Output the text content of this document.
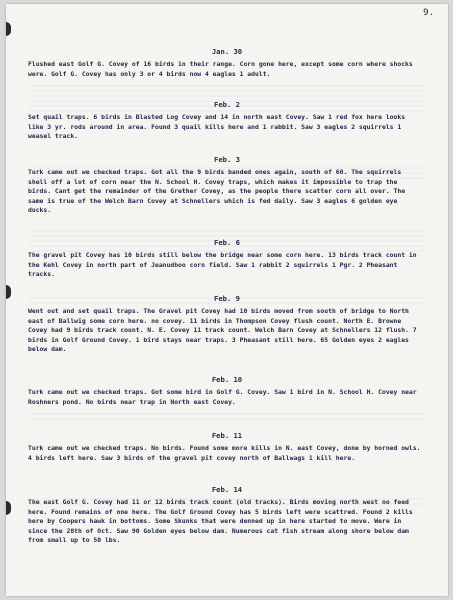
9.
Jan. 30
Flushed east Golf G. Covey of 16 birds in their range. Corn gone here, except some corn where shocks were. Golf G. Covey has only 3 or 4 birds now 4 eagles 1 adult.
Feb. 2
Set quail traps. 6 birds in Blasted Log Covey and 14 in north east Covey. Saw 1 red fox here looks like 3 yr. rods around in area. Found 3 quail kills here and 1 rabbit. Saw 3 eagles 2 squirrels 1 weasel track.
Feb. 3
Turk came out we checked traps. Got all the 9 birds banded ones again, south of 60. The squirrels shell off a lot of corn near the N. School H. Covey traps, which makes it impossible to trap the birds. Cant get the remainder of the Grether Covey, as the people there scatter corn all over. The same is true of the Welch Barn Covey at Schnellers which is fed daily. Saw 3 eagles 6 golden eye ducks.
Feb. 6
The gravel pit Covey has 10 birds still below the bridge near some corn here. 13 birds track count in the Kehl Covey in north part of Jeanudhoo corn field. Saw 1 rabbit 2 squirrels 1 Pgr. 2 Pheasant tracks.
Feb. 9
Went out and set quail traps. The Gravel pit Covey had 10 birds moved from south of bridge to North east of Ballwig some corn here. no covey. 11 birds in Thompson Covey flush count. North E. Browne Covey had 9 birds track count. N. E. Covey 11 track count. Welch Barn Covey at Schnellers 12 flush. 7 birds in Golf Ground Covey. 1 bird stays near traps. 3 Pheasant still here. 65 Golden eyes 2 eagles below dam.
Feb. 10
Turk came out we checked traps. Got some bird in Golf G. Covey. Saw 1 bird in N. School H. Covey near Roshners pond. No birds near trap in North east Covey.
Feb. 11
Turk came out we checked traps. No birds. Found some more kills in N. east Covey, done by horned owls. 4 birds left here. Saw 3 birds of the gravel pit covey north of Ballwags 1 kill here.
Feb. 14
The east Golf G. Covey had 11 or 12 birds track count (old tracks). Birds moving north west no feed here. Found remains of one here. The Golf Ground Covey has 5 birds left were scattred. Found 2 kills here by Coopers hawk in bottoms. Some Skunks that were denned up in here started to move. Were in since the 28th of Oct. Saw 90 Golden eyes below dam. Numerous cat fish stream along shore below dam from small up to 50 lbs.
